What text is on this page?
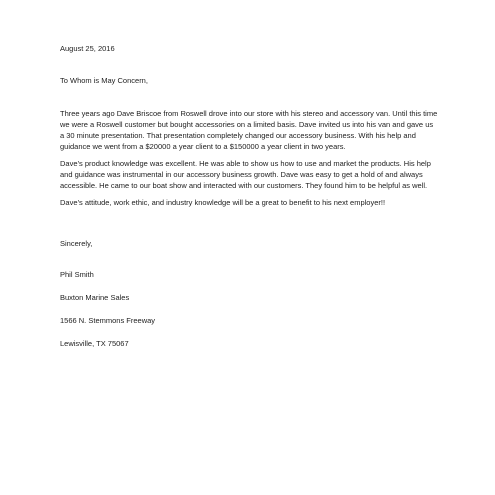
August 25, 2016
To Whom is May Concern,

Three years ago Dave Briscoe from Roswell drove into our store with his stereo and accessory van. Until this time we were a Roswell customer but bought accessories on a limited basis. Dave invited us into his van and gave us a 30 minute presentation. That presentation completely changed our accessory business. With his help and guidance we went from a $20000 a year client to a $150000 a year client in two years.

Dave’s product knowledge was excellent. He was able to show us how to use and market the products. His help and guidance was instrumental in our accessory business growth. Dave was easy to get a hold of and always accessible. He came to our boat show and interacted with our customers. They found him to be helpful as well.

Dave’s attitude, work ethic, and industry knowledge will be a great to benefit to his next employer!!

Sincerely,
Phil Smith
Buxton Marine Sales
1566 N. Stemmons Freeway
Lewisville, TX 75067
